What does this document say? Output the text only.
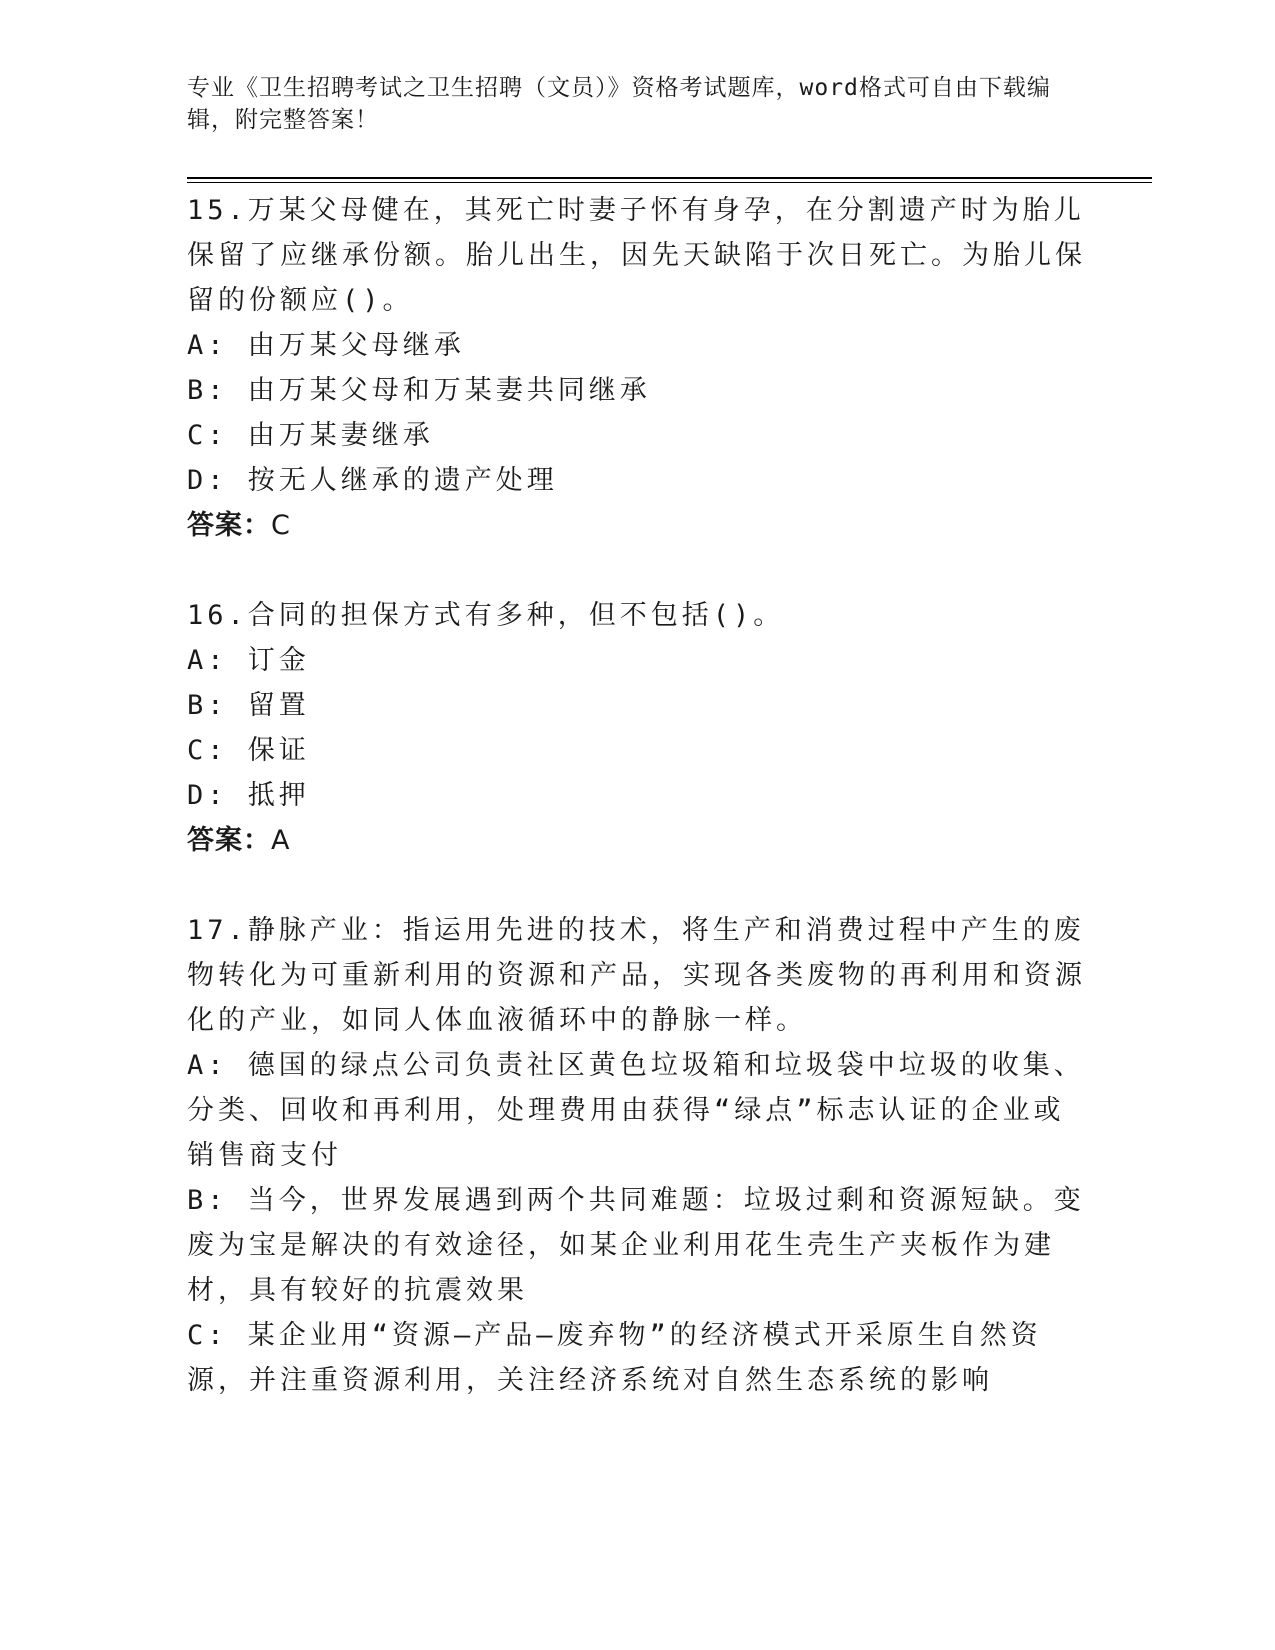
专业《卫生招聘考试之卫生招聘（文员）》资格考试题库，word格式可自由下载编辑，附完整答案！

15.万某父母健在，其死亡时妻子怀有身孕，在分割遗产时为胎儿保留了应继承份额。胎儿出生，因先天缺陷于次日死亡。为胎儿保留的份额应()。

A: 由万某父母继承

B: 由万某父母和万某妻共同继承

C: 由万某妻继承

D: 按无人继承的遗产处理

答案：C

16.合同的担保方式有多种，但不包括()。

A: 订金

B: 留置

C: 保证

D: 抵押

答案：A

17.静脉产业：指运用先进的技术，将生产和消费过程中产生的废物转化为可重新利用的资源和产品，实现各类废物的再利用和资源化的产业，如同人体血液循环中的静脉一样。

A: 德国的绿点公司负责社区黄色垃圾箱和垃圾袋中垃圾的收集、分类、回收和再利用，处理费用由获得“绿点”标志认证的企业或销售商支付

B: 当今，世界发展遇到两个共同难题：垃圾过剩和资源短缺。变废为宝是解决的有效途径，如某企业利用花生壳生产夹板作为建材，具有较好的抗震效果

C: 某企业用“资源—产品—废弃物”的经济模式开采原生自然资源，并注重资源利用，关注经济系统对自然生态系统的影响
